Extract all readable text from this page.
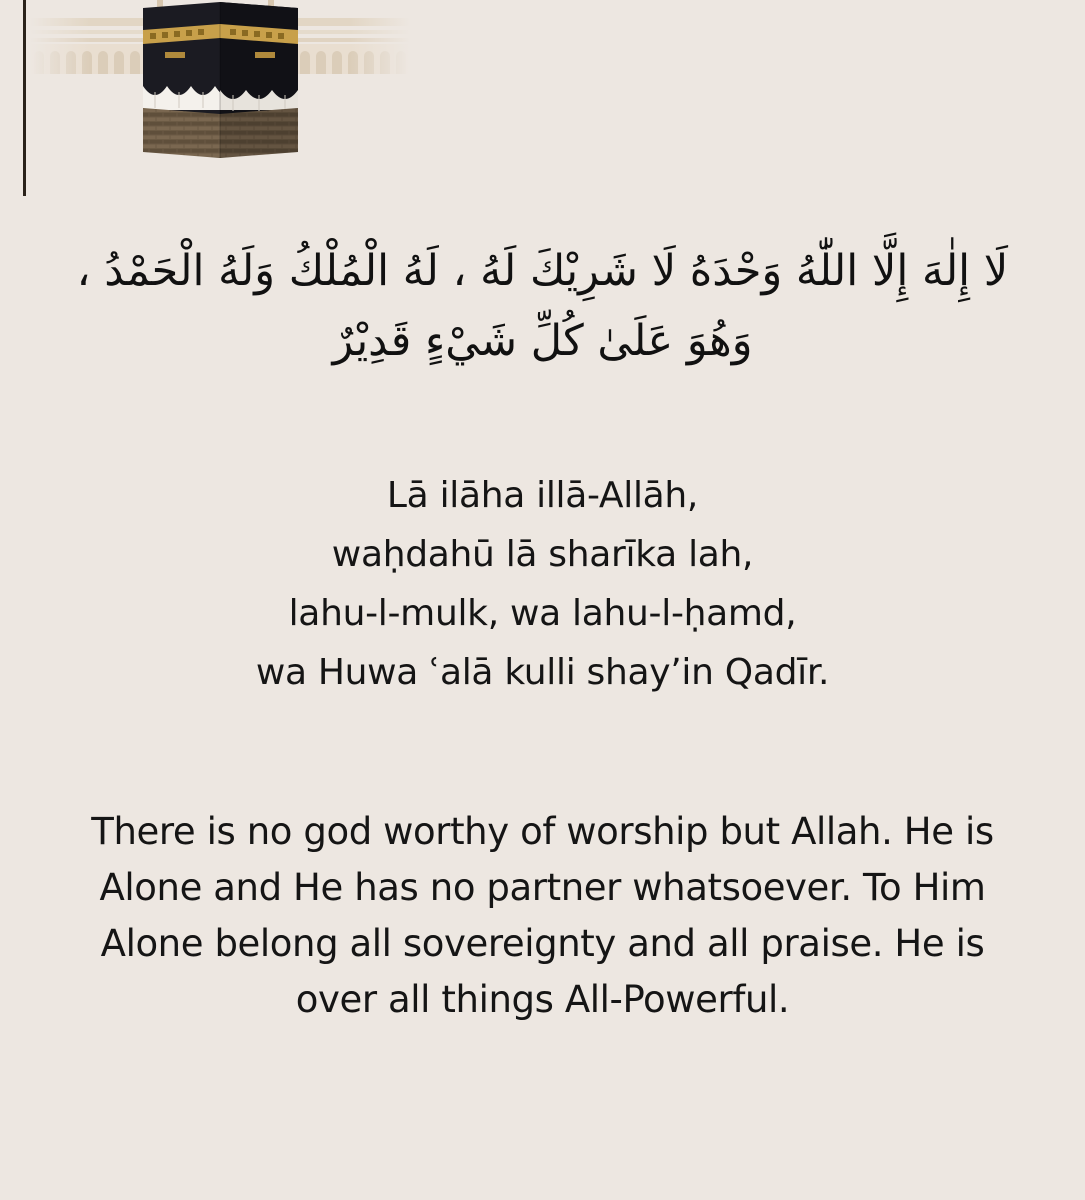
لَا إِلٰهَ إِلَّا اللّٰهُ وَحْدَهُ لَا شَرِيْكَ لَهُ ، لَهُ الْمُلْكُ وَلَهُ الْحَمْدُ ، وَهُوَ عَلَىٰ كُلِّ شَيْءٍ قَدِيْرٌ
Lā ilāha illā-Allāh,
waḥdahū lā sharīka lah,
lahu-l-mulk, wa lahu-l-ḥamd,
wa Huwa ʿalā kulli shay’in Qadīr.
There is no god worthy of worship but Allah. He is Alone and He has no partner whatsoever. To Him Alone belong all sovereignty and all praise. He is over all things All-Powerful.
